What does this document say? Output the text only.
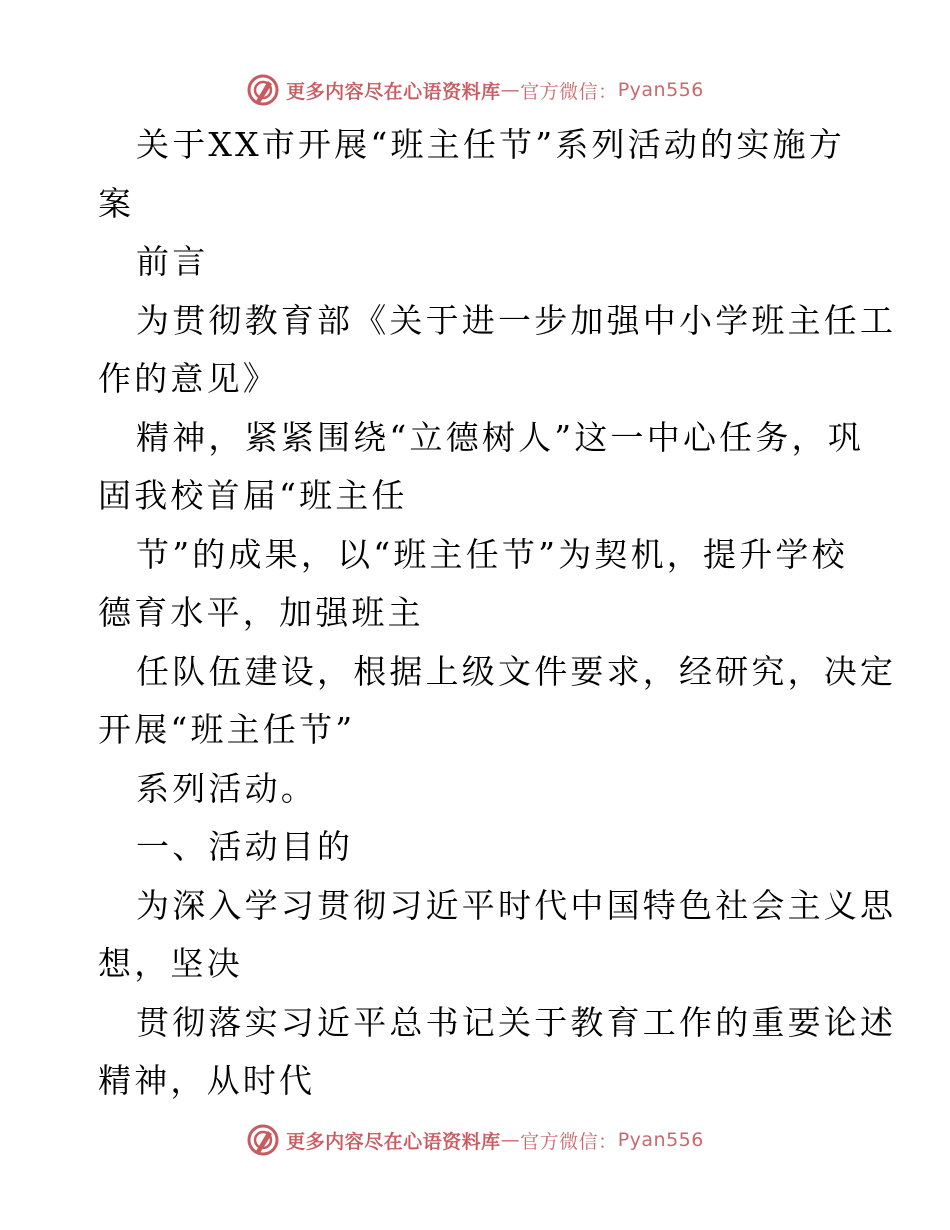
更多内容尽在心语资料库 — 官方微信： Pyan556

关于XX市开展“班主任节”系列活动的实施方

案

前言

为贯彻教育部《关于进一步加强中小学班主任工

作的意见》

精神，紧紧围绕“立德树人”这一中心任务，巩

固我校首届“班主任

节”的成果，以“班主任节”为契机，提升学校

德育水平，加强班主

任队伍建设，根据上级文件要求，经研究，决定

开展“班主任节”

系列活动。

一、活动目的

为深入学习贯彻习近平时代中国特色社会主义思

想，坚决

贯彻落实习近平总书记关于教育工作的重要论述

精神，从时代

更多内容尽在心语资料库 — 官方微信： Pyan556
